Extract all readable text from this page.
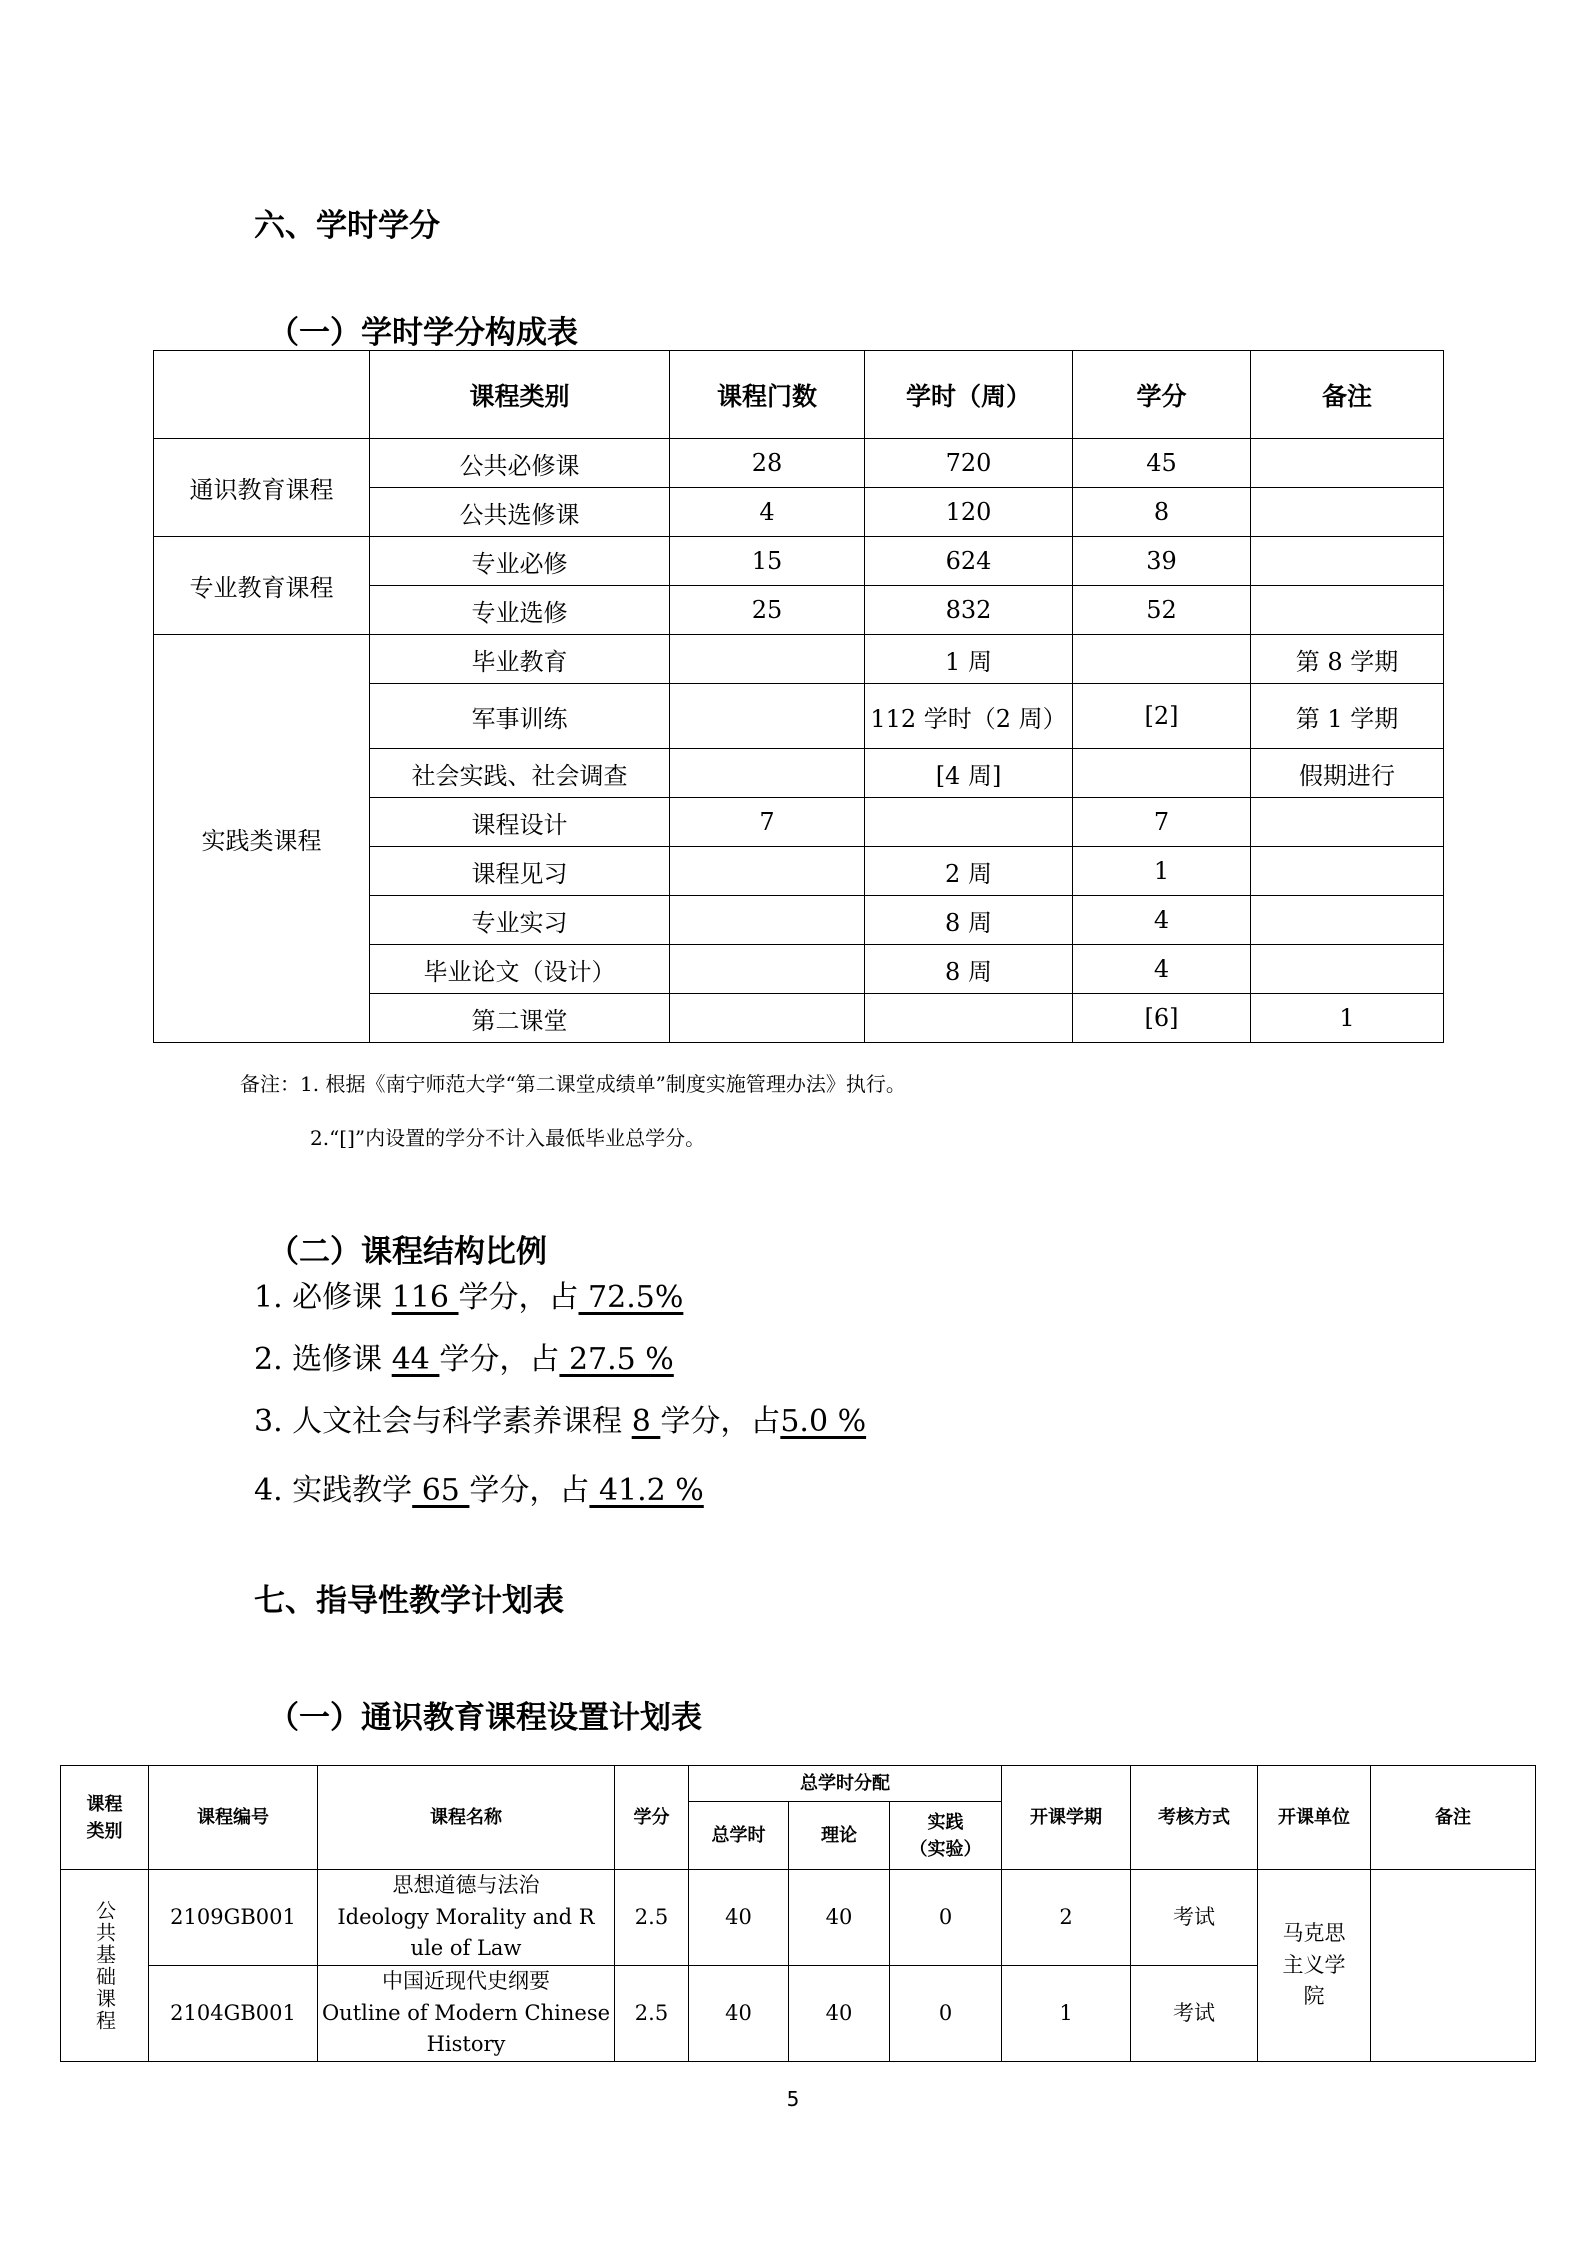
六、学时学分
（一）学时学分构成表
	课程类别	课程门数	学时（周）	学分	备注
通识教育课程	公共必修课	28	720	45	
	公共选修课	4	120	8	
专业教育课程	专业必修	15	624	39	
	专业选修	25	832	52	
实践类课程	毕业教育		1 周		第 8 学期
	军事训练		112 学时（2 周）	[2]	第 1 学期
	社会实践、社会调查		[4 周]		假期进行
	课程设计	7		7	
	课程见习		2 周	1	
	专业实习		8 周	4	
	毕业论文（设计）		8 周	4	
	第二课堂			[6]	1
备注：1. 根据《南宁师范大学“第二课堂成绩单”制度实施管理办法》执行。
2.“[]”内设置的学分不计入最低毕业总学分。
（二）课程结构比例
1. 必修课 116 学分，占 72.5%
2. 选修课 44 学分，占 27.5 %
3. 人文社会与科学素养课程 8 学分，占5.0 %
4. 实践教学 65 学分，占 41.2 %
七、指导性教学计划表
（一）通识教育课程设置计划表
课程
类别	课程编号	课程名称	学分	总学时分配			开课学期	考核方式	开课单位	备注
				总学时	理论	实践
（实验）				

公共基础课程	2109GB001	思想道德与法治
Ideology Morality and R
ule of Law	2.5	40	40	0	2	考试	马克思
主义学
院	
	2104GB001	中国近现代史纲要
Outline of Modern Chinese
History	2.5	40	40	0	1	考试		
5
